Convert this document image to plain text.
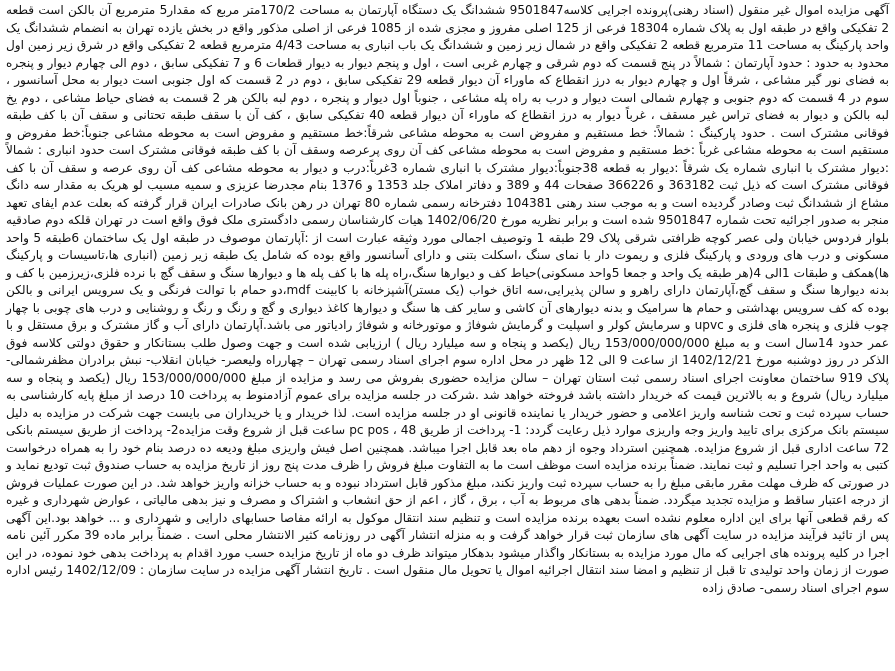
آگهی مزایده اموال غیر منقول (اسناد رهنی)پرونده اجرایی کلاسه9501847 ششدانگ یک دستگاه آپارتمان به مساحت 170/2متر مربع که مقدار5 مترمربع آن بالکن است قطعه 2 تفکیکی واقع در طبقه اول به پلاک شماره 18304 فرعی از 125 اصلی مفروز و مجزی شده از 1085 فرعی از اصلی مذکور واقع در بخش یازده تهران به انضمام ششدانگ یک واحد پارکینگ به مساحت 11 مترمربع قطعه 2 تفکیکی واقع در شمال زیر زمین و ششدانگ یک باب انباری به مساحت 4/43 مترمربع قطعه 2 تفکیکی واقع در شرق زیر زمین اول محدود به حدود : حدود آپارتمان : شمالاً در پنج قسمت که دوم شرقی و چهارم غربی است ، اول و پنجم دیوار به دیوار قطعات 6 و 7 تفکیکی سابق ، دوم الی چهارم دیوار و پنجره به فضای نور گیر مشاعی ، شرقاً اول و چهارم دیوار به درز انقطاع که ماوراء آن دیوار قطعه 29 تفکیکی سابق ، دوم در 2 قسمت که اول جنوبی است دیوار به محل آسانسور ، سوم در 4 قسمت که دوم جنوبی و چهارم شمالی است دیوار و درب به راه پله مشاعی ، جنوباً اول دیوار و پنجره ، دوم لبه بالکن هر 2 قسمت به فضای حیاط مشاعی ، دوم یخ لبه بالکن و دیوار به فضای تراس غیر مسقف ، غرباً دیوار به درز انقطاع که ماوراء آن دیوار قطعه 40 تفکیکی سابق ، کف آن با سقف طبقه تحتانی و سقف آن با کف طبقه فوقانی مشترک است . حدود پارکینگ : شمالاً: خط مستقیم و مفروض است به محوطه مشاعی شرقاً:خط مستقیم و مفروض است به محوطه مشاعی جنوباً:خط مفروض و مستقیم است به محوطه مشاعی غرباً :خط مستقیم و مفروض است به محوطه مشاعی کف آن روی پرعرصه وسقف آن با کف طبقه فوقانی مشترک است حدود انباری : شمالاً :دیوار مشترک با انباری شماره یک شرقاً :دیوار به قطعه 38جنوباً:دیوار مشترک با انباری شماره 3غرباً:درب و دیوار به محوطه مشاعی کف آن روی عرصه و سقف آن با کف فوقانی مشترک است که ذیل ثبت 363182 و 366226 صفحات 44 و 389 و دفاتر املاک جلد 1353 و 1376 بنام مجدرضا عزیزی و سمیه مسیب لو هریک به مقدار سه دانگ مشاع از ششدانگ ثبت وصادر گردیده است و به موجب سند رهنی 104381 دفترخانه رسمی شماره 80 تهران در رهن بانک صادرات ایران قرار گرفته که بعلت عدم ایفای تعهد منجر به صدور اجرائیه تحت شماره 9501847 شده است و برابر نظریه مورخ 1402/06/20 هیات کارشناسان رسمی دادگستری ملک فوق واقع است در تهران قلکه دوم صادقیه بلوار فردوس خیابان ولی عصر کوچه ظرافتی شرقی پلاک 29 طبقه 1 وتوصیف اجمالی مورد وثیقه عبارت است از :آپارتمان موصوف در طبقه اول یک ساختمان 6طبقه 5 واحد مسکونی و درب های ورودی و پارکینگ فلزی و ریموت دار با نمای سنگ ،اسکلت بتنی و دارای آسانسور واقع بوده که شامل یک طبقه زیر زمین (انباری ها،تاسیسات و پارکینگ ها)همکف و طبقات 1الی 4(هر طبقه یک واحد و جمعا 5واحد مسکونی)حیاط کف و دیوارها سنگ،راه پله ها با کف پله ها و دیوارها سنگ و سقف گچ با نرده فلزی،زیرزمین با کف و بدنه دیوارها سنگ و سقف گچ،آپارتمان دارای راهرو و سالن پذیرایی،سه اتاق خواب (یک مستر)آشپزخانه با کابینت mdf،دو حمام با توالت فرنگی و یک سرویس ایرانی و بالکن بوده که کف سرویس بهداشتی و حمام ها سرامیک و بدنه دیوارهای آن کاشی و سایر کف ها سنگ و دیوارها کاغذ دیواری و گچ و رنگ و رنگ و روشنایی و درب های چوبی با چهار چوب فلزی و پنجره های فلزی و upvc و سرمایش کولر و اسپلیت و گرمایش شوفاژ و موتورخانه و شوفاژ رادیاتور می باشد.آپارتمان دارای آب و گاز مشترک و برق مستقل و با عمر حدود 14سال است و به مبلغ 153/000/000/000 ریال (یکصد و پنجاه و سه میلیارد ریال ) ارزیابی شده است و جهت وصول طلب بستانکار و حقوق دولتی کلاسه فوق الذکر در روز دوشنبه مورخ 1402/12/21 از ساعت 9 الی 12 ظهر در محل اداره سوم اجرای اسناد رسمی تهران – چهارراه ولیعصر- خیابان انقلاب- نبش برادران مظفرشمالی- پلاک 919 ساختمان معاونت اجرای اسناد رسمی ثبت استان تهران – سالن مزایده حضوری بفروش می رسد و مزایده از مبلغ 153/000/000/000 ریال (یکصد و پنجاه و سه میلیارد ریال) شروع و به بالاترین قیمت که خریدار داشته باشد فروخته خواهد شد .شرکت در جلسه مزایده برای عموم آزادمنوط به پرداخت 10 درصد از مبلغ پایه کارشناسی به حساب سپرده ثبت و تحت شناسه واریز اعلامی و حضور خریدار یا نماینده قانونی او در جلسه مزایده است. لذا خریدار و یا خریداران می بایست جهت شرکت در مزایده به دلیل سیستم بانک مرکزی برای تایید واریز وجه واریزی موارد ذیل رعایت گردد: 1- پرداخت از طریق pc pos ، 48 ساعت قبل از شروع وقت مزایده2- پرداخت از طریق سیستم بانکی 72 ساعت اداری قبل از شروع مزایده. همچنین استرداد وجوه از دهم ماه بعد قابل اجرا میباشد. همچنین اصل فیش واریزی مبلغ ودیعه ده درصد بنام خود را به همراه درخواست کتبی به واحد اجرا تسلیم و ثبت نمایند. ضمناً برنده مزایده است موظف است ما به التفاوت مبلغ فروش را ظرف مدت پنج روز از تاریخ مزایده به حساب صندوق ثبت تودیع نماید و در صورتی که ظرف مهلت مقرر مابقی مبلغ را به حساب سپرده ثبت واریز نکند، مبلغ مذکور قابل استرداد نبوده و به حساب خزانه واریز خواهد شد. در این صورت عملیات فروش از درجه اعتبار ساقط و مزایده تجدید میگردد. ضمناً بدهی های مربوط به آب ، برق ، گاز ، اعم از حق انشعاب و اشتراک و مصرف و نیز بدهی مالیاتی ، عوارض شهرداری و غیره که رقم قطعی آنها برای این اداره معلوم نشده است بعهده برنده مزایده است و تنظیم سند انتقال موکول به ارائه مفاصا حسابهای دارایی و شهرداری و ... خواهد بود.این آگهی پس از تائید فرآیند مزایده در سایت آگهی های سازمان ثبت قرار خواهد گرفت و به منزله انتشار آگهی در روزنامه کثیر الانتشار محلی است . ضمناً برابر ماده 39 مکرر آئین نامه اجرا در کلیه پرونده های اجرایی که مال مورد مزایده به بستانکار واگذار میشود بدهکار میتواند ظرف دو ماه از تاریخ مزایده حسب مورد اقدام به پرداخت بدهی خود نموده، در این صورت از زمان واحد تولیدی تا قبل از تنظیم و امضا سند انتقال اجرائیه اموال یا تحویل مال منقول است . تاریخ انتشار آگهی مزایده در سایت سازمان : 1402/12/09 رئیس اداره سوم اجرای اسناد رسمی- صادق زاده
